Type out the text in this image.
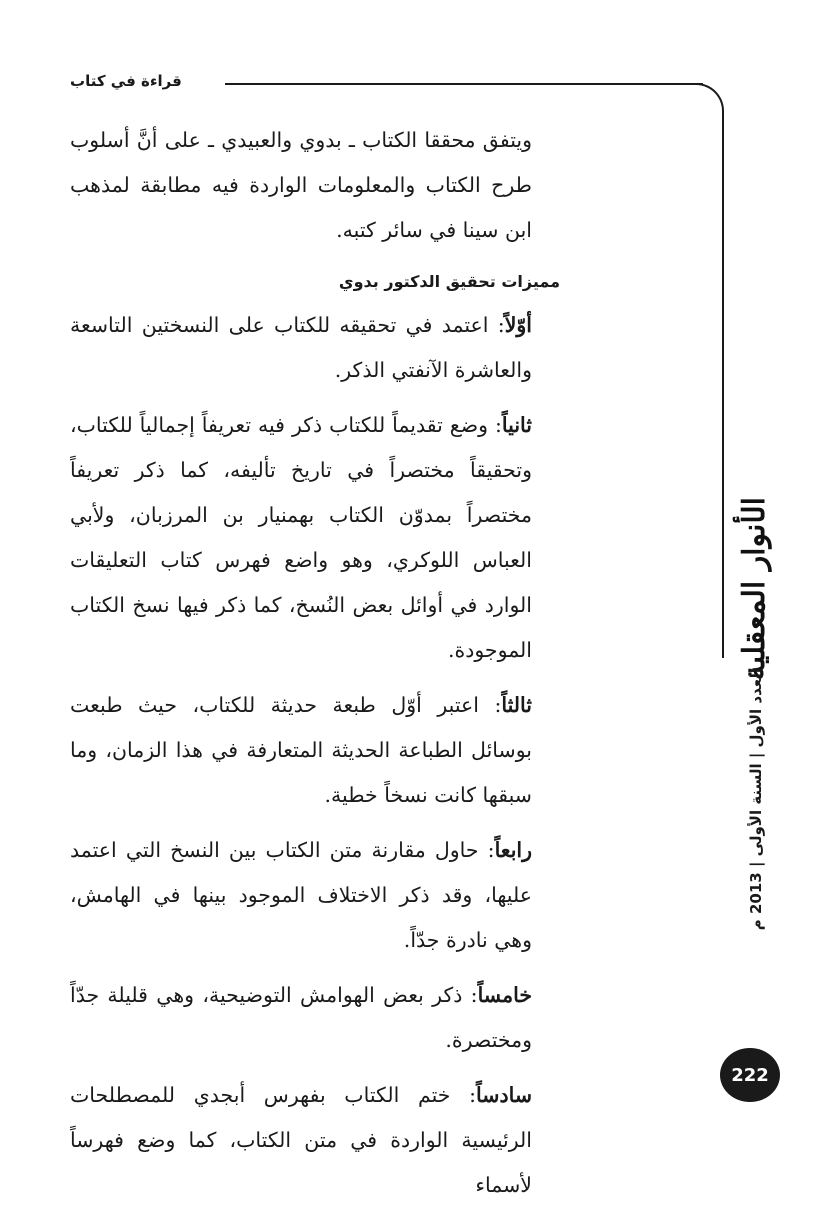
قراءة في كتاب

ويتفق محققا الكتاب ـ بدوي والعبيدي ـ على أنَّ أسلوب طرح الكتاب والمعلومات الواردة فيه مطابقة لمذهب ابن سينا في سائر كتبه.

مميزات تحقيق الدكتور بدوي

أوّلاً: اعتمد في تحقيقه للكتاب على النسختين التاسعة والعاشرة الآنفتي الذكر.

ثانياً: وضع تقديماً للكتاب ذكر فيه تعريفاً إجمالياً للكتاب، وتحقيقاً مختصراً في تاريخ تأليفه، كما ذكر تعريفاً مختصراً بمدوّن الكتاب بهمنيار بن المرزبان، ولأبي العباس اللوكري، وهو واضع فهرس كتاب التعليقات الوارد في أوائل بعض النُسخ، كما ذكر فيها نسخ الكتاب الموجودة.

ثالثاً: اعتبر أوّل طبعة حديثة للكتاب، حيث طبعت بوسائل الطباعة الحديثة المتعارفة في هذا الزمان، وما سبقها كانت نسخاً خطية.

رابعاً: حاول مقارنة متن الكتاب بين النسخ التي اعتمد عليها، وقد ذكر الاختلاف الموجود بينها في الهامش، وهي نادرة جدّاً.

خامساً: ذكر بعض الهوامش التوضيحية، وهي قليلة جدّاً ومختصرة.

سادساً: ختم الكتاب بفهرس أبجدي للمصطلحات الرئيسية الواردة في متن الكتاب، كما وضع فهرساً لأسماء

الأنوار المعقلية
العدد الأول | السنة الأولى | 2013 م
222
